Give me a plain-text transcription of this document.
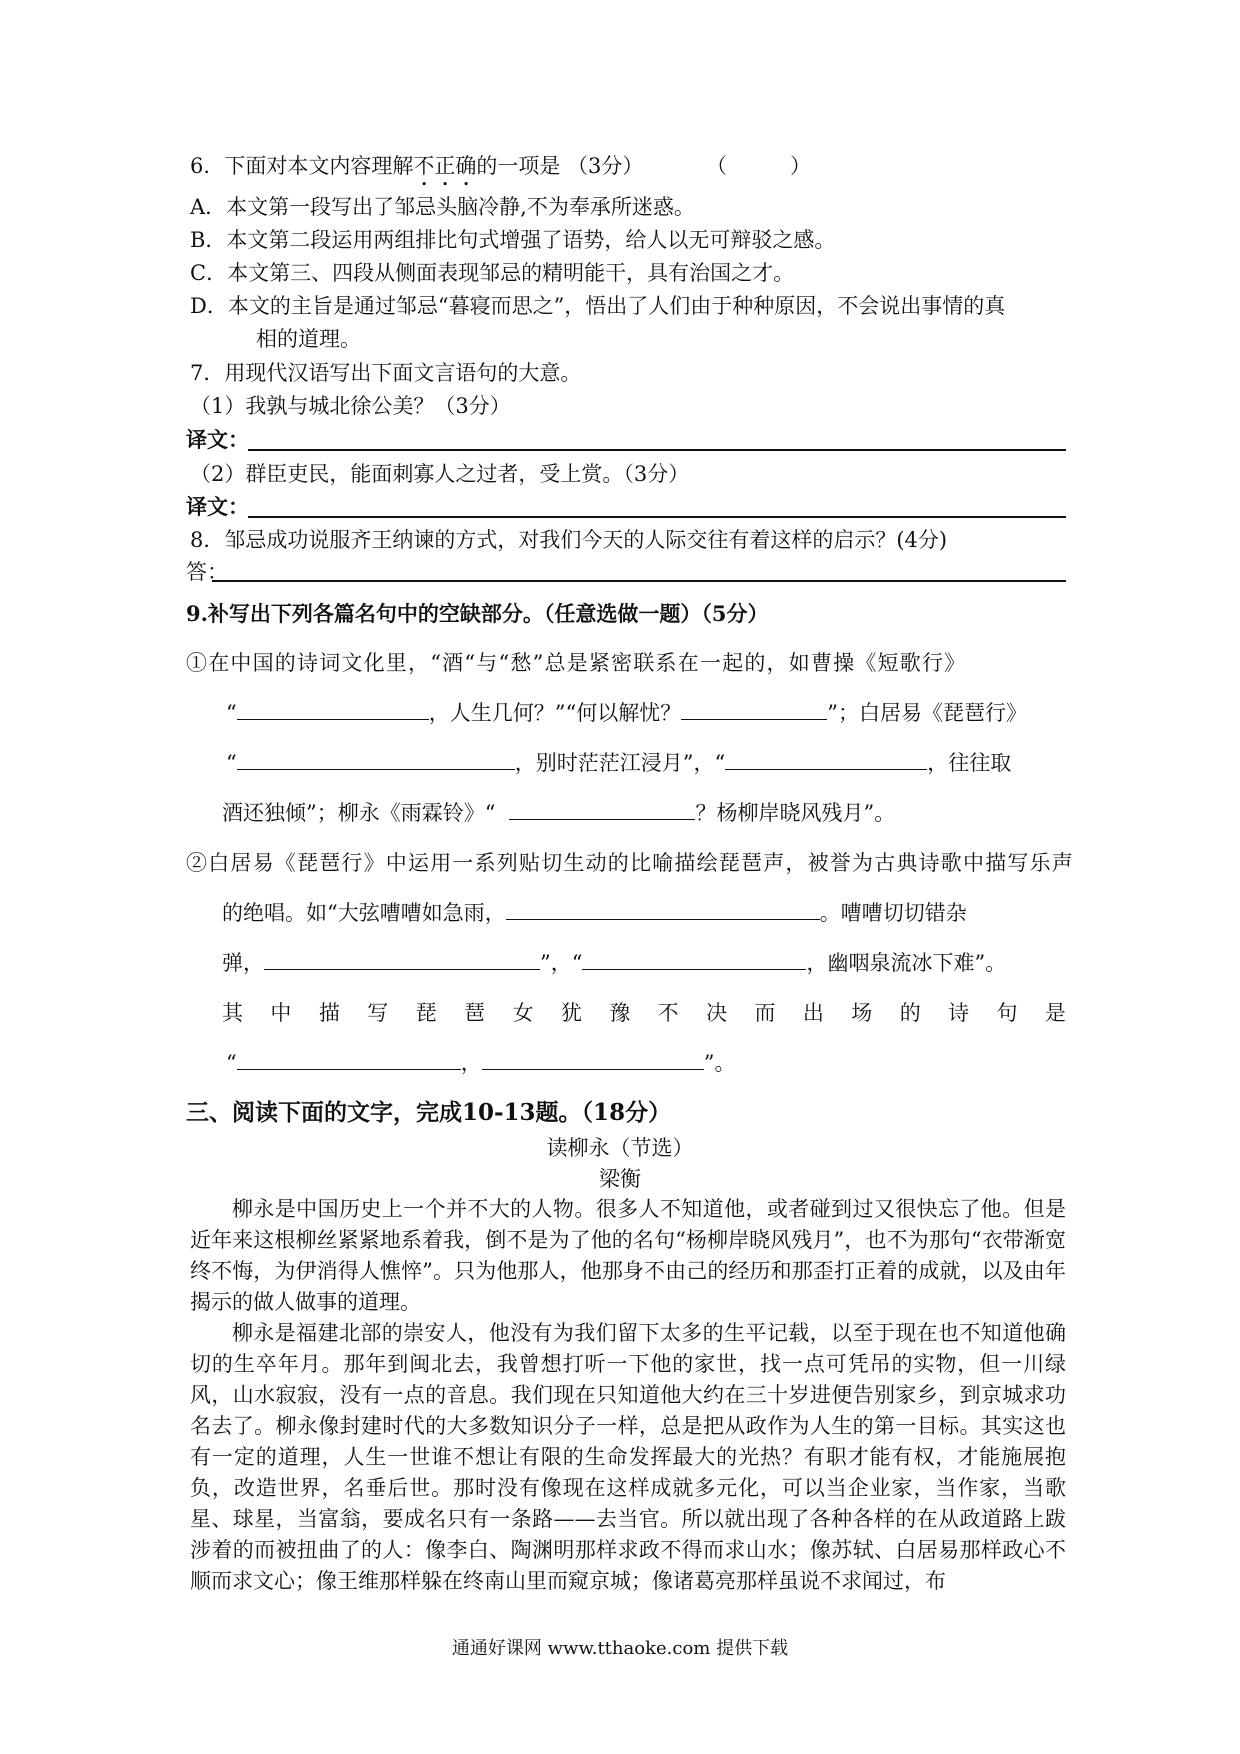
6．下面对本文内容理解不正确的一项是 （3分）	（　　　）
A．本文第一段写出了邹忌头脑冷静,不为奉承所迷惑。
B．本文第二段运用两组排比句式增强了语势，给人以无可辩驳之感。
C．本文第三、四段从侧面表现邹忌的精明能干，具有治国之才。
D．本文的主旨是通过邹忌“暮寝而思之”，悟出了人们由于种种原因，不会说出事情的真
相的道理。
7．用现代汉语写出下面文言语句的大意。
（1）我孰与城北徐公美？（3分）
译文：
（2）群臣吏民，能面刺寡人之过者，受上赏。（3分）
译文：
8．邹忌成功说服齐王纳谏的方式，对我们今天的人际交往有着这样的启示？(4分)
答：
9.补写出下列各篇名句中的空缺部分。（任意选做一题）（5分）
①在中国的诗词文化里，“酒“与“愁”总是紧密联系在一起的，如曹操《短歌行》
“	，人生几何？”“何以解忧？	”；白居易《琵琶行》
“	，别时茫茫江浸月”，“	，往往取
酒还独倾”；柳永《雨霖铃》“	？杨柳岸晓风残月”。
②白居易《琵琶行》中运用一系列贴切生动的比喻描绘琵琶声，被誉为古典诗歌中描写乐声
的绝唱。如“大弦嘈嘈如急雨，	。嘈嘈切切错杂
弹，	”，“	，幽咽泉流冰下难”。
其 中 描 写 琵 琶 女 犹 豫 不 决 而 出 场 的 诗 句 是
“	，	”。
三、阅读下面的文字，完成10-13题。（18分）
读柳永（节选）
梁衡

柳永是中国历史上一个并不大的人物。很多人不知道他，或者碰到过又很快忘了他。但是近年来这根柳丝紧紧地系着我，倒不是为了他的名句“杨柳岸晓风残月”，也不为那句“衣带渐宽终不悔，为伊消得人憔悴”。只为他那人，他那身不由己的经历和那歪打正着的成就，以及由年揭示的做人做事的道理。

柳永是福建北部的崇安人，他没有为我们留下太多的生平记载，以至于现在也不知道他确切的生卒年月。那年到闽北去，我曾想打听一下他的家世，找一点可凭吊的实物，但一川绿风，山水寂寂，没有一点的音息。我们现在只知道他大约在三十岁进便告别家乡，到京城求功名去了。柳永像封建时代的大多数知识分子一样，总是把从政作为人生的第一目标。其实这也有一定的道理，人生一世谁不想让有限的生命发挥最大的光热？有职才能有权，才能施展抱负，改造世界，名垂后世。那时没有像现在这样成就多元化，可以当企业家，当作家，当歌星、球星，当富翁，要成名只有一条路——去当官。所以就出现了各种各样的在从政道路上跋涉着的而被扭曲了的人：像李白、陶渊明那样求政不得而求山水；像苏轼、白居易那样政心不顺而求文心；像王维那样躲在终南山里而窥京城；像诸葛亮那样虽说不求闻过，布

通通好课网 www.tthaoke.com 提供下载
